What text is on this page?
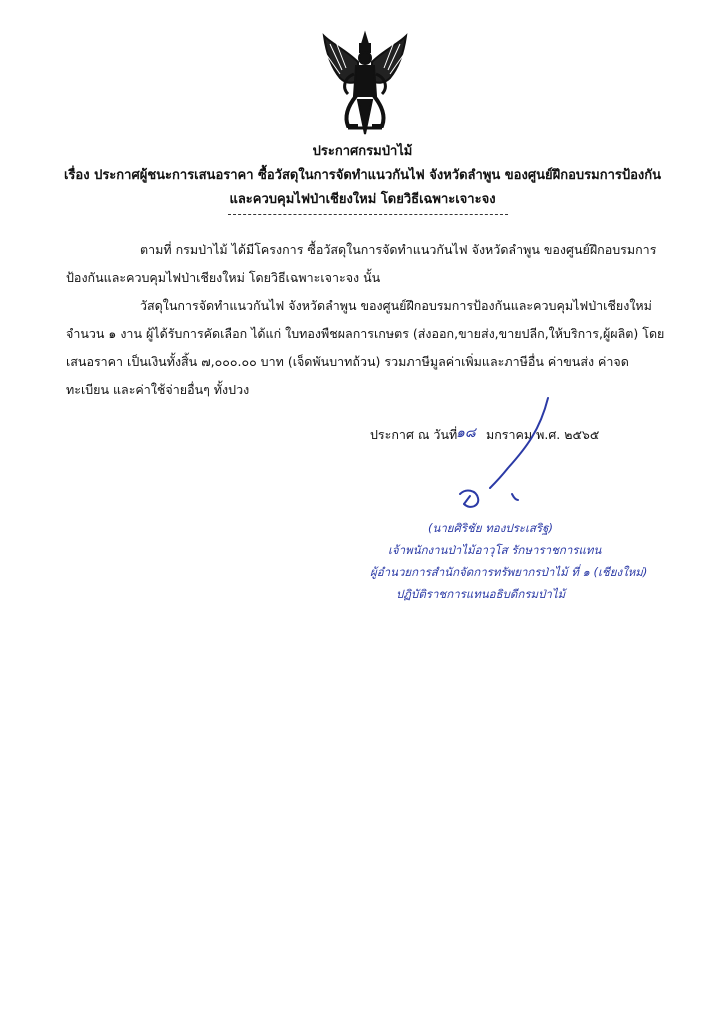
ประกาศกรมป่าไม้
เรื่อง ประกาศผู้ชนะการเสนอราคา ซื้อวัสดุในการจัดทำแนวกันไฟ จังหวัดลำพูน ของศูนย์ฝึกอบรมการป้องกัน
และควบคุมไฟป่าเชียงใหม่ โดยวิธีเฉพาะเจาะจง
ตามที่ กรมป่าไม้ ได้มีโครงการ ซื้อวัสดุในการจัดทำแนวกันไฟ จังหวัดลำพูน ของศูนย์ฝึกอบรมการ
ป้องกันและควบคุมไฟป่าเชียงใหม่ โดยวิธีเฉพาะเจาะจง นั้น
วัสดุในการจัดทำแนวกันไฟ จังหวัดลำพูน ของศูนย์ฝึกอบรมการป้องกันและควบคุมไฟป่าเชียงใหม่
จำนวน ๑ งาน ผู้ได้รับการคัดเลือก ได้แก่ ใบทองพืชผลการเกษตร (ส่งออก,ขายส่ง,ขายปลีก,ให้บริการ,ผู้ผลิต) โดย
เสนอราคา เป็นเงินทั้งสิ้น ๗,๐๐๐.๐๐ บาท (เจ็ดพันบาทถ้วน) รวมภาษีมูลค่าเพิ่มและภาษีอื่น ค่าขนส่ง ค่าจด
ทะเบียน และค่าใช้จ่ายอื่นๆ ทั้งปวง
ประกาศ ณ วันที่
๑๘ มกราคม พ.ศ. ๒๕๖๕
(นายศิริชัย ทองประเสริฐ)
เจ้าพนักงานป่าไม้อาวุโส รักษาราชการแทน
ผู้อำนวยการสำนักจัดการทรัพยากรป่าไม้ ที่ ๑ (เชียงใหม่)
ปฏิบัติราชการแทนอธิบดีกรมป่าไม้
